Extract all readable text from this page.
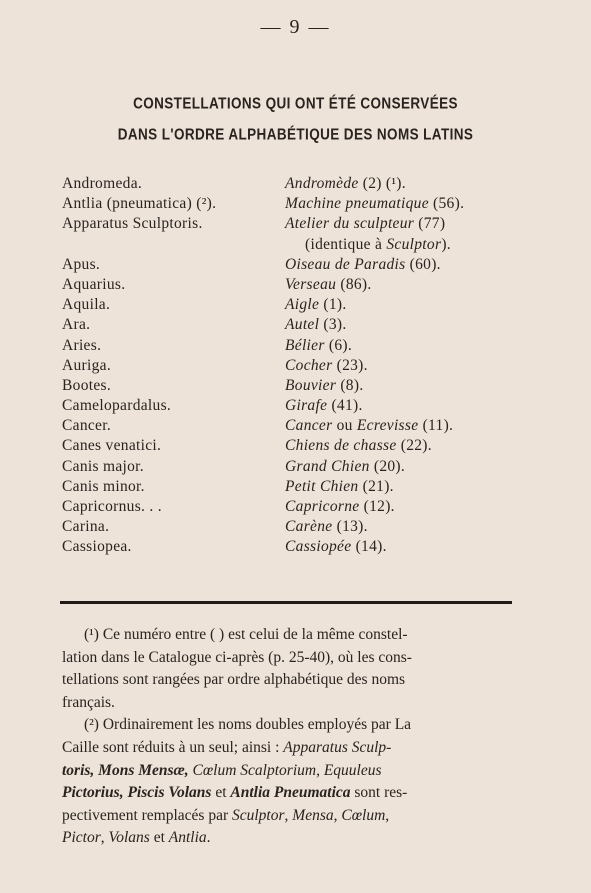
— 9 —
CONSTELLATIONS QUI ONT ÉTÉ CONSERVÉES
DANS L'ORDRE ALPHABÉTIQUE DES NOMS LATINS
Andromeda.	Andromède (2) (¹).
Antlia (pneumatica) (²).	Machine pneumatique (56).
Apparatus Sculptoris.	Atelier du sculpteur (77)
(identique à Sculptor).
Apus.	Oiseau de Paradis (60).
Aquarius.	Verseau (86).
Aquila.	Aigle (1).
Ara.	Autel (3).
Aries.	Bélier (6).
Auriga.	Cocher (23).
Bootes.	Bouvier (8).
Camelopardalus.	Girafe (41).
Cancer.	Cancer ou Ecrevisse (11).
Canes venatici.	Chiens de chasse (22).
Canis major.	Grand Chien (20).
Canis minor.	Petit Chien (21).
Capricornus. . .	Capricorne (12).
Carina.	Carène (13).
Cassiopea.	Cassiopée (14).
(¹) Ce numéro entre ( ) est celui de la même constel-
lation dans le Catalogue ci-après (p. 25-40), où les cons-
tellations sont rangées par ordre alphabétique des noms
français.
(²) Ordinairement les noms doubles employés par La
Caille sont réduits à un seul; ainsi : Apparatus Sculp-
toris, Mons Mensæ, Cœlum Scalptorium, Equuleus
Pictorius, Piscis Volans et Antlia Pneumatica sont res-
pectivement remplacés par Sculptor, Mensa, Cœlum,
Pictor, Volans et Antlia.
